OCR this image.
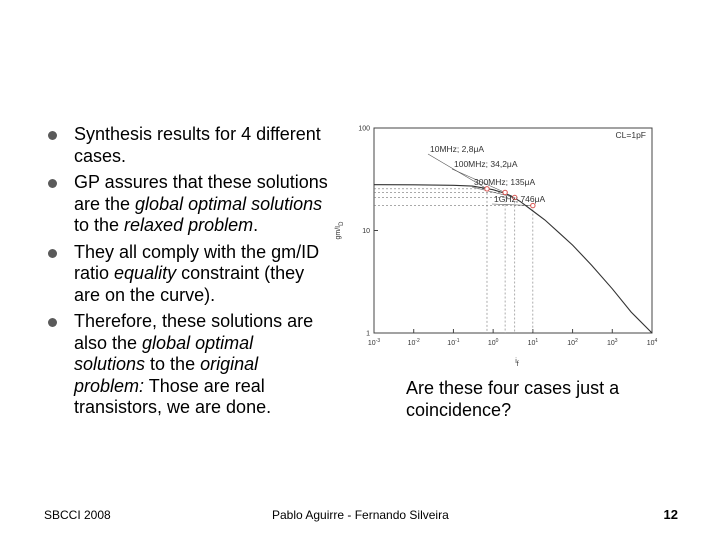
Synthesis results for 4 different cases.
GP assures that these solutions are the global optimal solutions to the relaxed problem.
They all comply with the gm/ID ratio equality constraint (they are on the curve).
Therefore, these solutions are also the global optimal solutions to the original problem: Those are real transistors, we are done.
$10^{-3}$	$10^{-2}$	$10^{-1}$	$10^0$	$10^1$	$10^2$	$10^3$	$10^4$
1
10
100
if
gm/ID
CL=1pF
10MHz; 2,8μA
100MHz; 34,2μA
300MHz; 135μA
1GHz; 746μA
Are these four cases just a coincidence?
SBCCI 2008	Pablo Aguirre - Fernando Silveira	12
